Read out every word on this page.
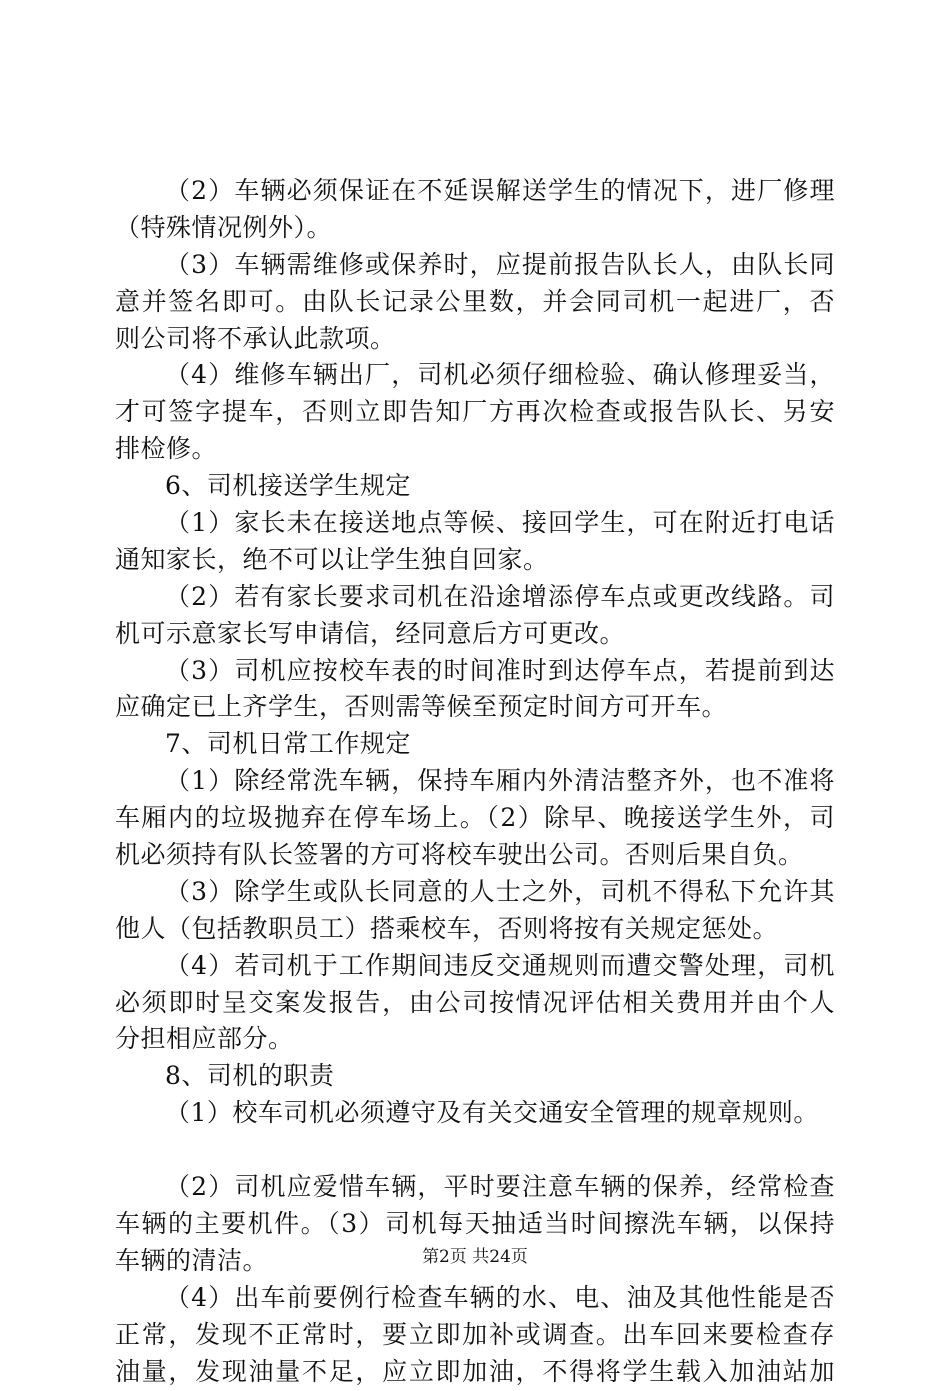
（2）车辆必须保证在不延误解送学生的情况下，进厂修理
（特殊情况例外）。
（3）车辆需维修或保养时，应提前报告队长人，由队长同
意并签名即可。由队长记录公里数，并会同司机一起进厂，否
则公司将不承认此款项。
（4）维修车辆出厂，司机必须仔细检验、确认修理妥当，
才可签字提车，否则立即告知厂方再次检查或报告队长、另安
排检修。
6、司机接送学生规定
（1）家长未在接送地点等候、接回学生，可在附近打电话
通知家长，绝不可以让学生独自回家。
（2）若有家长要求司机在沿途增添停车点或更改线路。司
机可示意家长写申请信，经同意后方可更改。
（3）司机应按校车表的时间准时到达停车点，若提前到达
应确定已上齐学生，否则需等候至预定时间方可开车。
7、司机日常工作规定
（1）除经常洗车辆，保持车厢内外清洁整齐外，也不准将
车厢内的垃圾抛弃在停车场上。（2）除早、晚接送学生外，司
机必须持有队长签署的方可将校车驶出公司。否则后果自负。
（3）除学生或队长同意的人士之外，司机不得私下允许其
他人（包括教职员工）搭乘校车，否则将按有关规定惩处。
（4）若司机于工作期间违反交通规则而遭交警处理，司机
必须即时呈交案发报告，由公司按情况评估相关费用并由个人
分担相应部分。
8、司机的职责
（1）校车司机必须遵守及有关交通安全管理的规章规则。
（2）司机应爱惜车辆，平时要注意车辆的保养，经常检查
车辆的主要机件。（3）司机每天抽适当时间擦洗车辆，以保持
车辆的清洁。
（4）出车前要例行检查车辆的水、电、油及其他性能是否
正常，发现不正常时，要立即加补或调查。出车回来要检查存
油量，发现油量不足，应立即加油，不得将学生载入加油站加
第2页 共24页
